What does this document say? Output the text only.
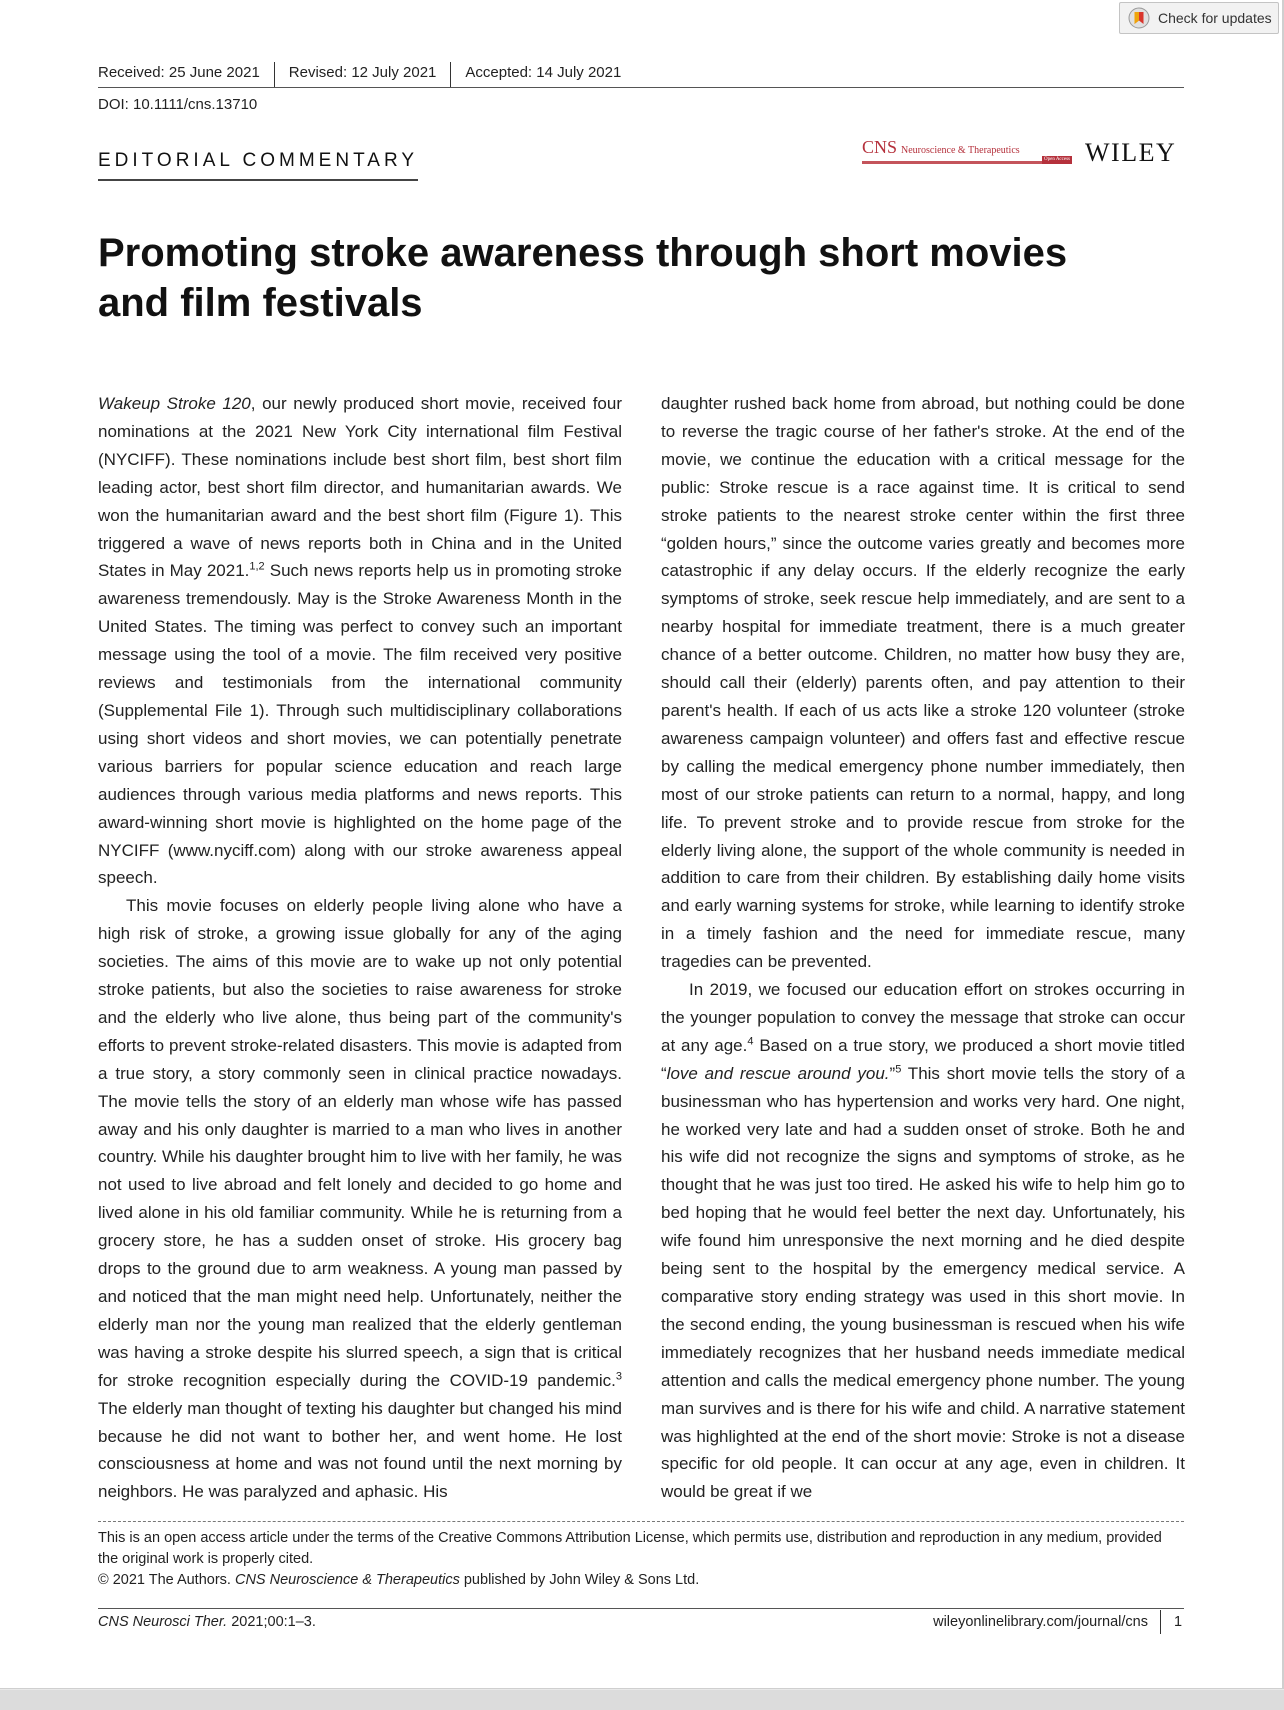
Check for updates
Received: 25 June 2021	Revised: 12 July 2021	Accepted: 14 July 2021
DOI: 10.1111/cns.13710
EDITORIAL COMMENTARY
CNS Neuroscience & Therapeutics
Open Access WILEY
Promoting stroke awareness through short movies and film festivals

Wakeup Stroke 120, our newly produced short movie, received four nominations at the 2021 New York City international film Festival (NYCIFF). These nominations include best short film, best short film leading actor, best short film director, and humanitarian awards. We won the humanitarian award and the best short film (Figure 1). This triggered a wave of news reports both in China and in the United States in May 2021.$^{1,2}$ Such news reports help us in promoting stroke awareness tremendously. May is the Stroke Awareness Month in the United States. The timing was perfect to convey such an important message using the tool of a movie. The film received very positive reviews and testimonials from the international community (Supplemental File 1). Through such multidisciplinary collaborations using short videos and short movies, we can potentially penetrate various barriers for popular science education and reach large audiences through various media platforms and news reports. This award-winning short movie is highlighted on the home page of the NYCIFF (www.nyciff.com) along with our stroke awareness appeal speech.

This movie focuses on elderly people living alone who have a high risk of stroke, a growing issue globally for any of the aging societies. The aims of this movie are to wake up not only potential stroke patients, but also the societies to raise awareness for stroke and the elderly who live alone, thus being part of the community's efforts to prevent stroke-related disasters. This movie is adapted from a true story, a story commonly seen in clinical practice nowadays. The movie tells the story of an elderly man whose wife has passed away and his only daughter is married to a man who lives in another country. While his daughter brought him to live with her family, he was not used to live abroad and felt lonely and decided to go home and lived alone in his old familiar community. While he is returning from a grocery store, he has a sudden onset of stroke. His grocery bag drops to the ground due to arm weakness. A young man passed by and noticed that the man might need help. Unfortunately, neither the elderly man nor the young man realized that the elderly gentleman was having a stroke despite his slurred speech, a sign that is critical for stroke recognition especially during the COVID-19 pandemic.$^3$ The elderly man thought of texting his daughter but changed his mind because he did not want to bother her, and went home. He lost consciousness at home and was not found until the next morning by neighbors. He was paralyzed and aphasic. His

daughter rushed back home from abroad, but nothing could be done to reverse the tragic course of her father's stroke. At the end of the movie, we continue the education with a critical message for the public: Stroke rescue is a race against time. It is critical to send stroke patients to the nearest stroke center within the first three “golden hours,” since the outcome varies greatly and becomes more catastrophic if any delay occurs. If the elderly recognize the early symptoms of stroke, seek rescue help immediately, and are sent to a nearby hospital for immediate treatment, there is a much greater chance of a better outcome. Children, no matter how busy they are, should call their (elderly) parents often, and pay attention to their parent's health. If each of us acts like a stroke 120 volunteer (stroke awareness campaign volunteer) and offers fast and effective rescue by calling the medical emergency phone number immediately, then most of our stroke patients can return to a normal, happy, and long life. To prevent stroke and to provide rescue from stroke for the elderly living alone, the support of the whole community is needed in addition to care from their children. By establishing daily home visits and early warning systems for stroke, while learning to identify stroke in a timely fashion and the need for immediate rescue, many tragedies can be prevented.

In 2019, we focused our education effort on strokes occurring in the younger population to convey the message that stroke can occur at any age.$^4$ Based on a true story, we produced a short movie titled “love and rescue around you.”$^5$ This short movie tells the story of a businessman who has hypertension and works very hard. One night, he worked very late and had a sudden onset of stroke. Both he and his wife did not recognize the signs and symptoms of stroke, as he thought that he was just too tired. He asked his wife to help him go to bed hoping that he would feel better the next day. Unfortunately, his wife found him unresponsive the next morning and he died despite being sent to the hospital by the emergency medical service. A comparative story ending strategy was used in this short movie. In the second ending, the young businessman is rescued when his wife immediately recognizes that her husband needs immediate medical attention and calls the medical emergency phone number. The young man survives and is there for his wife and child. A narrative statement was highlighted at the end of the short movie: Stroke is not a disease specific for old people. It can occur at any age, even in children. It would be great if we

This is an open access article under the terms of the Creative Commons Attribution License, which permits use, distribution and reproduction in any medium, provided the original work is properly cited.

© 2021 The Authors. CNS Neuroscience & Therapeutics published by John Wiley & Sons Ltd.

CNS Neurosci Ther. 2021;00:1–3.	wileyonlinelibrary.com/journal/cns 1
